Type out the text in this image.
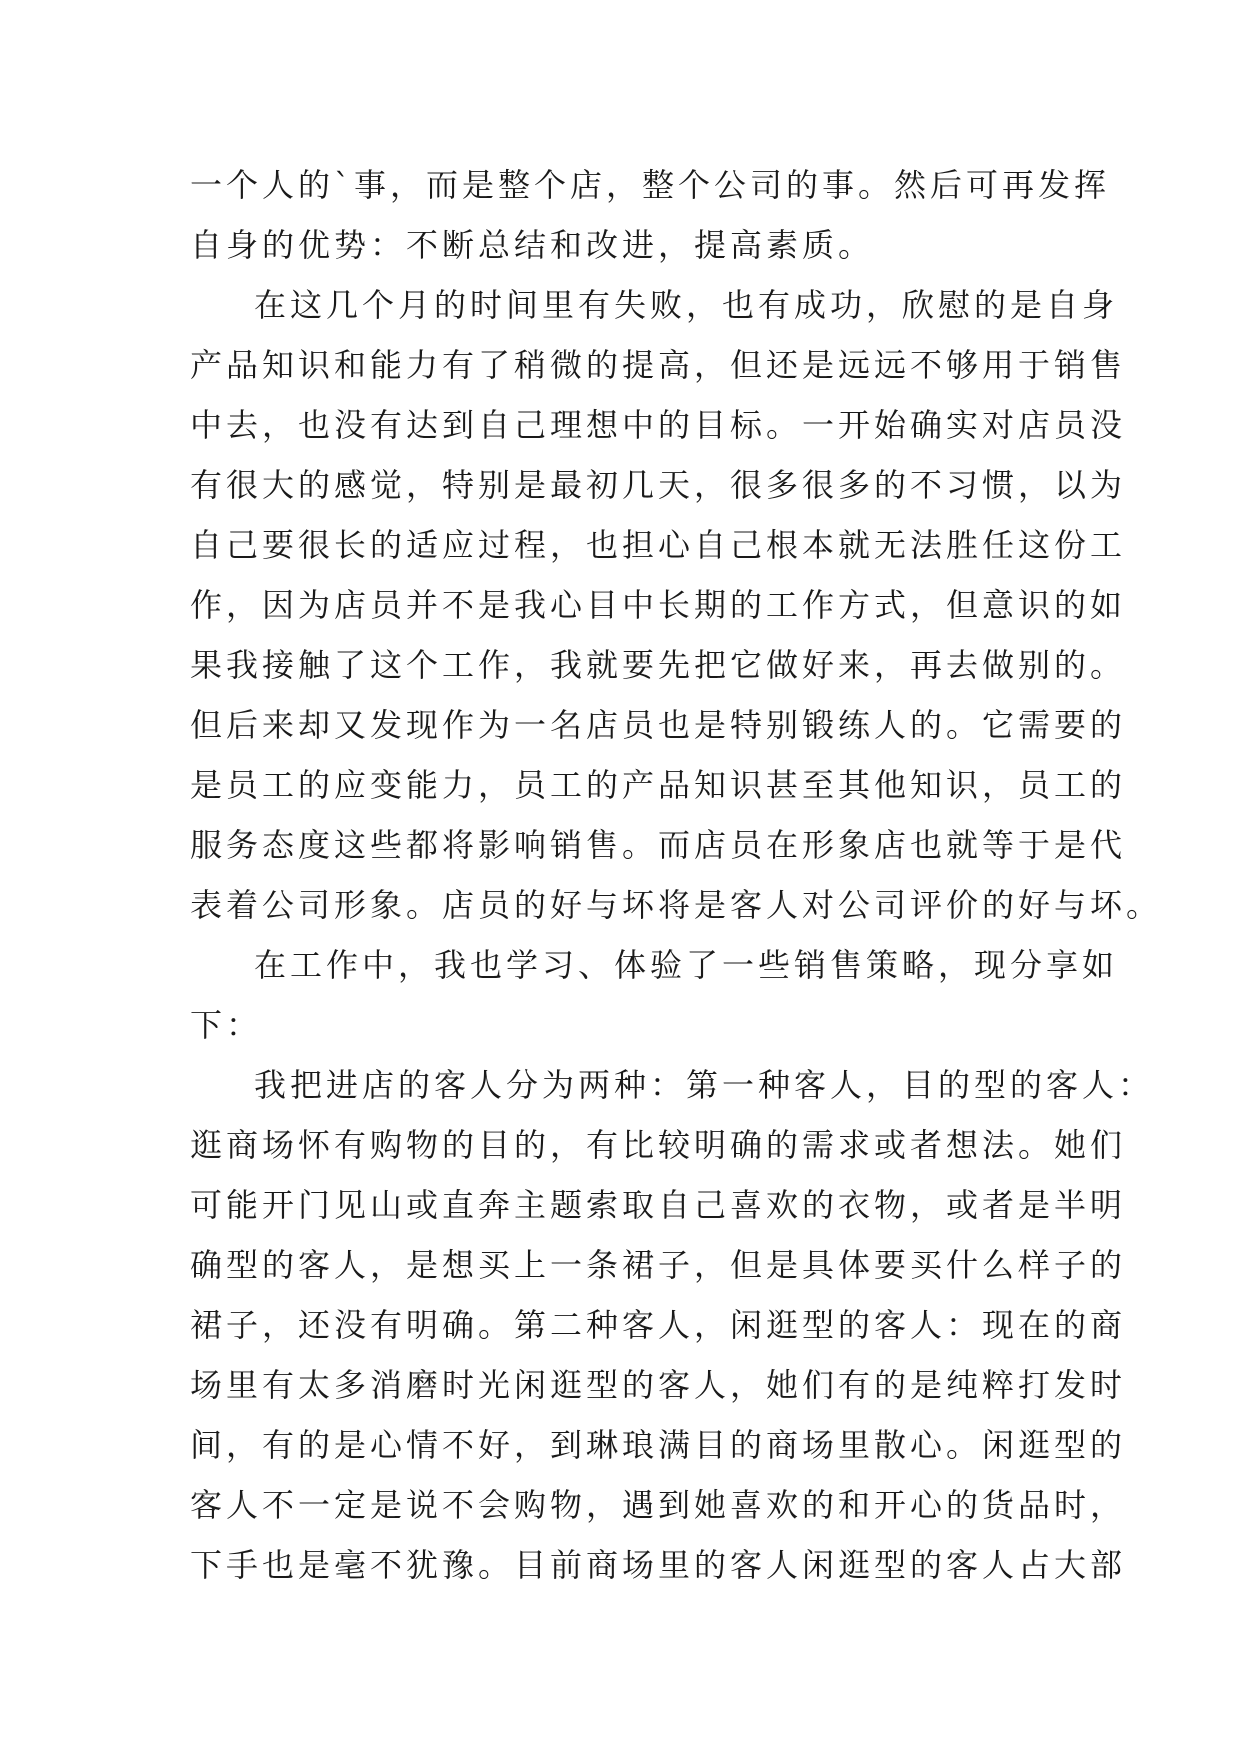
一个人的`事，而是整个店，整个公司的事。然后可再发挥
自身的优势：不断总结和改进，提高素质。
在这几个月的时间里有失败，也有成功，欣慰的是自身
产品知识和能力有了稍微的提高，但还是远远不够用于销售
中去，也没有达到自己理想中的目标。一开始确实对店员没
有很大的感觉，特别是最初几天，很多很多的不习惯，以为
自己要很长的适应过程，也担心自己根本就无法胜任这份工
作，因为店员并不是我心目中长期的工作方式，但意识的如
果我接触了这个工作，我就要先把它做好来，再去做别的。
但后来却又发现作为一名店员也是特别锻练人的。它需要的
是员工的应变能力，员工的产品知识甚至其他知识，员工的
服务态度这些都将影响销售。而店员在形象店也就等于是代
表着公司形象。店员的好与坏将是客人对公司评价的好与坏。
在工作中，我也学习、体验了一些销售策略，现分享如
下：
我把进店的客人分为两种：第一种客人，目的型的客人：
逛商场怀有购物的目的，有比较明确的需求或者想法。她们
可能开门见山或直奔主题索取自己喜欢的衣物，或者是半明
确型的客人，是想买上一条裙子，但是具体要买什么样子的
裙子，还没有明确。第二种客人，闲逛型的客人：现在的商
场里有太多消磨时光闲逛型的客人，她们有的是纯粹打发时
间，有的是心情不好，到琳琅满目的商场里散心。闲逛型的
客人不一定是说不会购物，遇到她喜欢的和开心的货品时，
下手也是毫不犹豫。目前商场里的客人闲逛型的客人占大部
